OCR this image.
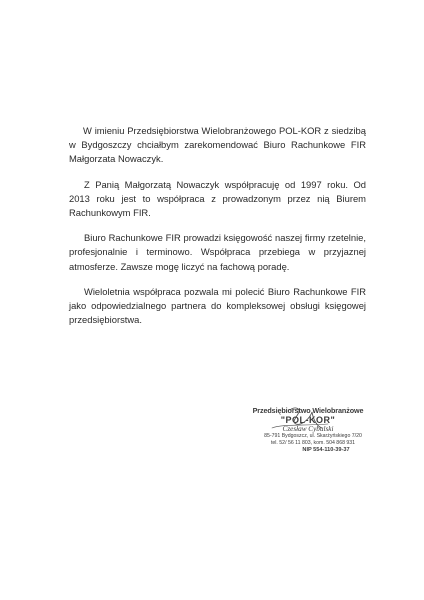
W imieniu Przedsiębiorstwa Wielobranżowego POL-KOR z siedzibą w Bydgoszczy chciałbym zarekomendować Biuro Rachunkowe FIR Małgorzata Nowaczyk.

Z Panią Małgorzatą Nowaczyk współpracuję od 1997 roku. Od 2013 roku jest to współpraca z prowadzonym przez nią Biurem Rachunkowym FIR.

Biuro Rachunkowe FIR prowadzi księgowość naszej firmy rzetelnie, profesjonalnie i terminowo. Współpraca przebiega w przyjaznej atmosferze. Zawsze mogę liczyć na fachową poradę.

Wieloletnia współpraca pozwala mi polecić Biuro Rachunkowe FIR jako odpowiedzialnego partnera do kompleksowej obsługi księgowej przedsiębiorstwa.

Przedsiębiorstwo Wielobranżowe
"POL-KOR"
Czesław Cybulski
85-791 Bydgoszcz, ul. Skarżyńskiego 7/20
tel. 52/ 56 11 803, kom. 504 868 931
NIP 554-110-39-37
